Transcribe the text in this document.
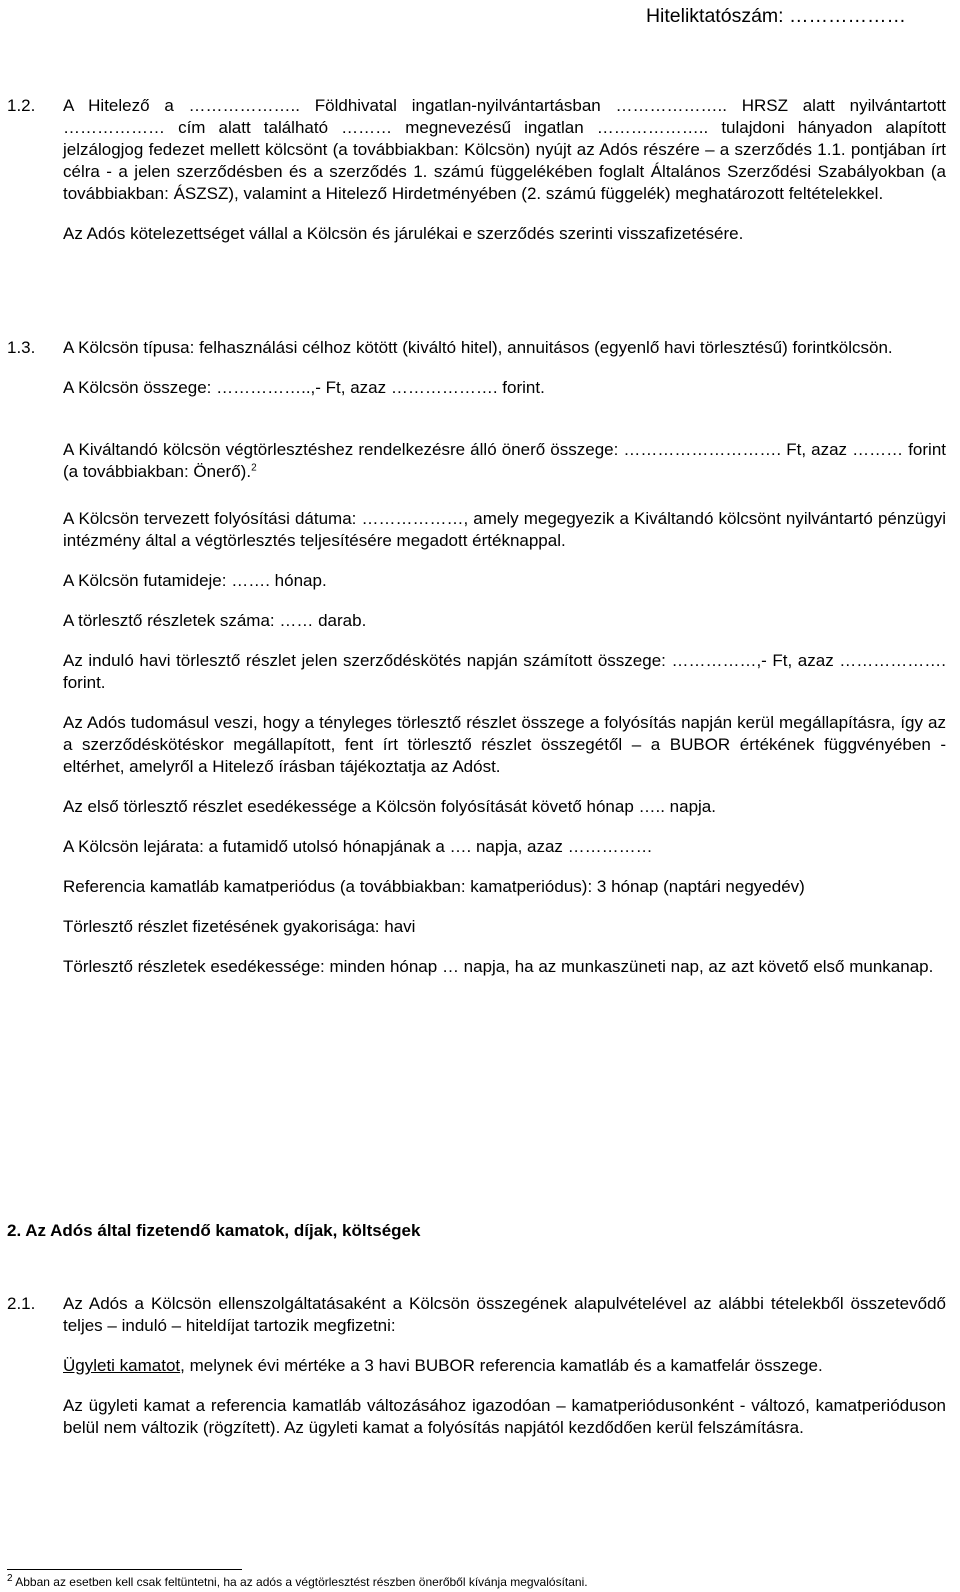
Hiteliktatószám: ………………
1.2.	A Hitelező a ……………….. Földhivatal ingatlan-nyilvántartásban ……………….. HRSZ alatt nyilvántartott ……………… cím alatt található ……… megnevezésű ingatlan ……………….. tulajdoni hányadon alapított jelzálogjog fedezet mellett kölcsönt (a továbbiakban: Kölcsön) nyújt az Adós részére – a szerződés 1.1. pontjában írt célra - a jelen szerződésben és a szerződés 1. számú függelékében foglalt Általános Szerződési Szabályokban (a továbbiakban: ÁSZSZ), valamint a Hitelező Hirdetményében (2. számú függelék) meghatározott feltételekkel.
Az Adós kötelezettséget vállal a Kölcsön és járulékai e szerződés szerinti visszafizetésére.
1.3.	A Kölcsön típusa: felhasználási célhoz kötött (kiváltó hitel), annuitásos (egyenlő havi törlesztésű) forintkölcsön.
A Kölcsön összege: ……………..,- Ft, azaz ………………. forint.
A Kiváltandó kölcsön végtörlesztéshez rendelkezésre álló önerő összege: ………………………. Ft, azaz ……… forint (a továbbiakban: Önerő).$^2$
A Kölcsön tervezett folyósítási dátuma: ………………, amely megegyezik a Kiváltandó kölcsönt nyilvántartó pénzügyi intézmény által a végtörlesztés teljesítésére megadott értéknappal.
A Kölcsön futamideje: ……. hónap.
A törlesztő részletek száma: …… darab.
Az induló havi törlesztő részlet jelen szerződéskötés napján számított összege: ……………,- Ft, azaz ………………. forint.
Az Adós tudomásul veszi, hogy a tényleges törlesztő részlet összege a folyósítás napján kerül megállapításra, így az a szerződéskötéskor megállapított, fent írt törlesztő részlet összegétől – a BUBOR értékének függvényében - eltérhet, amelyről a Hitelező írásban tájékoztatja az Adóst.
Az első törlesztő részlet esedékessége a Kölcsön folyósítását követő hónap ….. napja.
A Kölcsön lejárata: a futamidő utolsó hónapjának a …. napja, azaz ……………
Referencia kamatláb kamatperiódus (a továbbiakban: kamatperiódus): 3 hónap (naptári negyedév)
Törlesztő részlet fizetésének gyakorisága: havi
Törlesztő részletek esedékessége: minden hónap … napja, ha az munkaszüneti nap, az azt követő első munkanap.
2. Az Adós által fizetendő kamatok, díjak, költségek
2.1.	Az Adós a Kölcsön ellenszolgáltatásaként a Kölcsön összegének alapulvételével az alábbi tételekből összetevődő teljes – induló – hiteldíjat tartozik megfizetni:
Ügyleti kamatot, melynek évi mértéke a 3 havi BUBOR referencia kamatláb és a kamatfelár összege.
Az ügyleti kamat a referencia kamatláb változásához igazodóan – kamatperiódusonként - változó, kamatperióduson belül nem változik (rögzített). Az ügyleti kamat a folyósítás napjától kezdődően kerül felszámításra.
$^2$ Abban az esetben kell csak feltüntetni, ha az adós a végtörlesztést részben önerőből kívánja megvalósítani.
